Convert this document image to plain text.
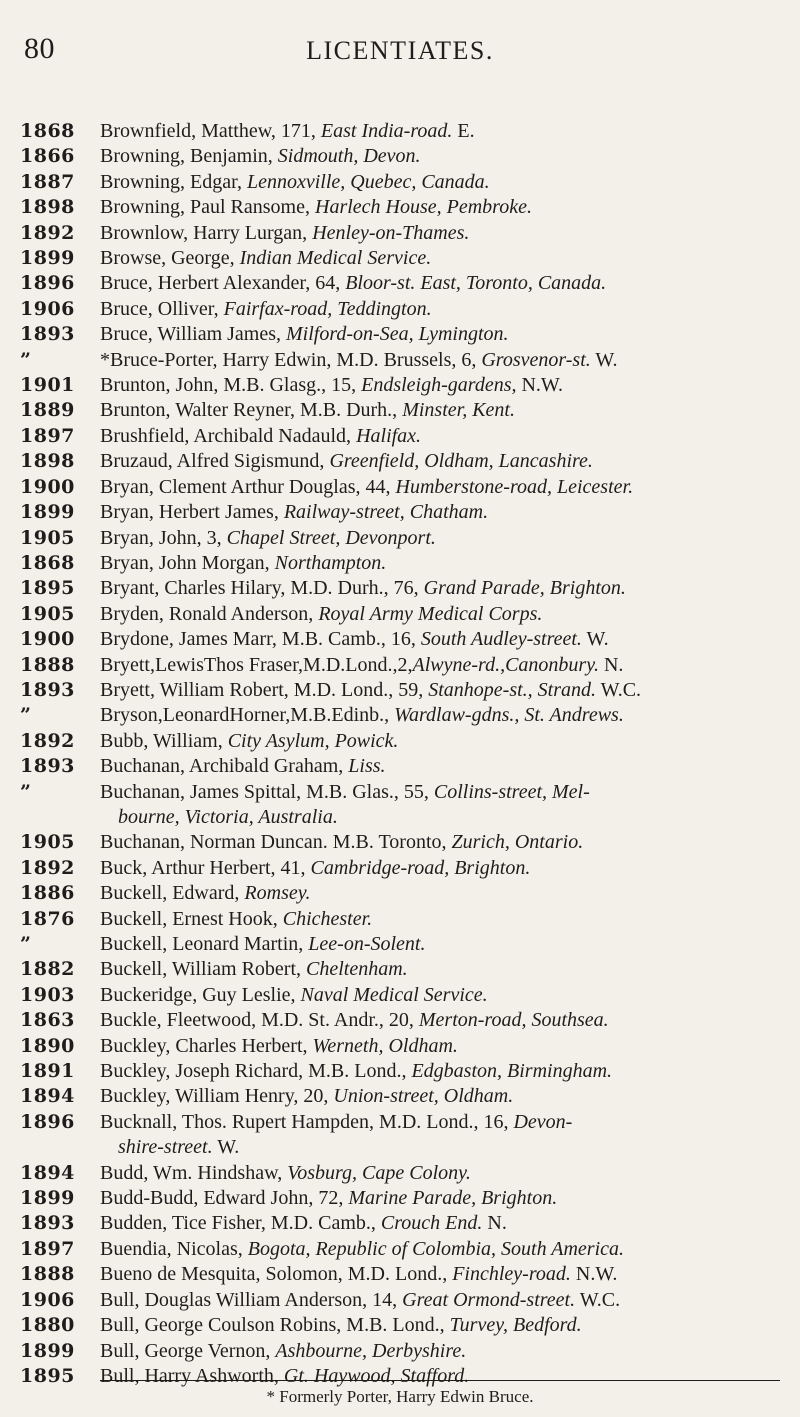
80	LICENTIATES.
1868	Brownfield, Matthew, 171, East India-road. E.
1866	Browning, Benjamin, Sidmouth, Devon.
1887	Browning, Edgar, Lennoxville, Quebec, Canada.
1898	Browning, Paul Ransome, Harlech House, Pembroke.
1892	Brownlow, Harry Lurgan, Henley-on-Thames.
1899	Browse, George, Indian Medical Service.
1896	Bruce, Herbert Alexander, 64, Bloor-st. East, Toronto, Canada.
1906	Bruce, Olliver, Fairfax-road, Teddington.
1893	Bruce, William James, Milford-on-Sea, Lymington.
”	*Bruce-Porter, Harry Edwin, M.D. Brussels, 6, Grosvenor-st. W.
1901	Brunton, John, M.B. Glasg., 15, Endsleigh-gardens, N.W.
1889	Brunton, Walter Reyner, M.B. Durh., Minster, Kent.
1897	Brushfield, Archibald Nadauld, Halifax.
1898	Bruzaud, Alfred Sigismund, Greenfield, Oldham, Lancashire.
1900	Bryan, Clement Arthur Douglas, 44, Humberstone-road, Leicester.
1899	Bryan, Herbert James, Railway-street, Chatham.
1905	Bryan, John, 3, Chapel Street, Devonport.
1868	Bryan, John Morgan, Northampton.
1895	Bryant, Charles Hilary, M.D. Durh., 76, Grand Parade, Brighton.
1905	Bryden, Ronald Anderson, Royal Army Medical Corps.
1900	Brydone, James Marr, M.B. Camb., 16, South Audley-street. W.
1888	Bryett,LewisThos Fraser,M.D.Lond.,2,Alwyne-rd.,Canonbury. N.
1893	Bryett, William Robert, M.D. Lond., 59, Stanhope-st., Strand. W.C.
”	Bryson,LeonardHorner,M.B.Edinb., Wardlaw-gdns., St. Andrews.
1892	Bubb, William, City Asylum, Powick.
1893	Buchanan, Archibald Graham, Liss.
”	Buchanan, James Spittal, M.B. Glas., 55, Collins-street, Mel-
bourne, Victoria, Australia.
1905	Buchanan, Norman Duncan. M.B. Toronto, Zurich, Ontario.
1892	Buck, Arthur Herbert, 41, Cambridge-road, Brighton.
1886	Buckell, Edward, Romsey.
1876	Buckell, Ernest Hook, Chichester.
”	Buckell, Leonard Martin, Lee-on-Solent.
1882	Buckell, William Robert, Cheltenham.
1903	Buckeridge, Guy Leslie, Naval Medical Service.
1863	Buckle, Fleetwood, M.D. St. Andr., 20, Merton-road, Southsea.
1890	Buckley, Charles Herbert, Werneth, Oldham.
1891	Buckley, Joseph Richard, M.B. Lond., Edgbaston, Birmingham.
1894	Buckley, William Henry, 20, Union-street, Oldham.
1896	Bucknall, Thos. Rupert Hampden, M.D. Lond., 16, Devon-
shire-street. W.
1894	Budd, Wm. Hindshaw, Vosburg, Cape Colony.
1899	Budd-Budd, Edward John, 72, Marine Parade, Brighton.
1893	Budden, Tice Fisher, M.D. Camb., Crouch End. N.
1897	Buendia, Nicolas, Bogota, Republic of Colombia, South America.
1888	Bueno de Mesquita, Solomon, M.D. Lond., Finchley-road. N.W.
1906	Bull, Douglas William Anderson, 14, Great Ormond-street. W.C.
1880	Bull, George Coulson Robins, M.B. Lond., Turvey, Bedford.
1899	Bull, George Vernon, Ashbourne, Derbyshire.
1895	Bull, Harry Ashworth, Gt. Haywood, Stafford.
* Formerly Porter, Harry Edwin Bruce.
